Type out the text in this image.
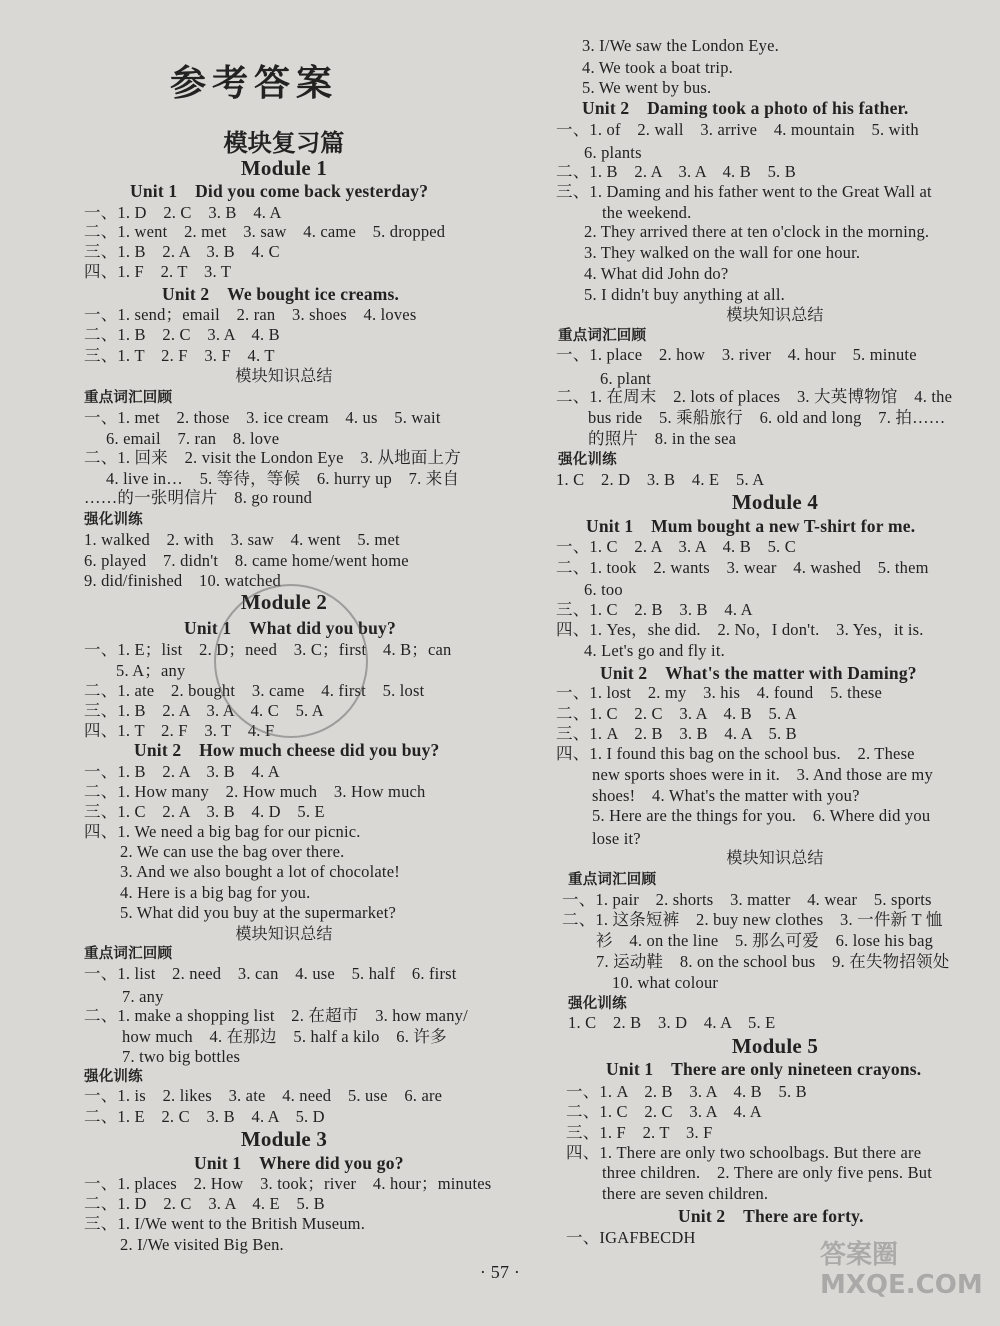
参考答案
模块复习篇
Module 1
Unit 1　Did you come back yesterday?
一、1. D　2. C　3. B　4. A
二、1. went　2. met　3. saw　4. came　5. dropped
三、1. B　2. A　3. B　4. C
四、1. F　2. T　3. T
Unit 2　We bought ice creams.
一、1. send；email　2. ran　3. shoes　4. loves
二、1. B　2. C　3. A　4. B
三、1. T　2. F　3. F　4. T
模块知识总结
重点词汇回顾
一、1. met　2. those　3. ice cream　4. us　5. wait
6. email　7. ran　8. love
二、1. 回来　2. visit the London Eye　3. 从地面上方
4. live in…　5. 等待，等候　6. hurry up　7. 来自
……的一张明信片　8. go round
强化训练
1. walked　2. with　3. saw　4. went　5. met
6. played　7. didn't　8. came home/went home
9. did/finished　10. watched
Module 2
Unit 1　What did you buy?
一、1. E；list　2. D；need　3. C；first　4. B；can
5. A；any
二、1. ate　2. bought　3. came　4. first　5. lost
三、1. B　2. A　3. A　4. C　5. A
四、1. T　2. F　3. T　4. F
Unit 2　How much cheese did you buy?
一、1. B　2. A　3. B　4. A
二、1. How many　2. How much　3. How much
三、1. C　2. A　3. B　4. D　5. E
四、1. We need a big bag for our picnic.
2. We can use the bag over there.
3. And we also bought a lot of chocolate!
4. Here is a big bag for you.
5. What did you buy at the supermarket?
模块知识总结
重点词汇回顾
一、1. list　2. need　3. can　4. use　5. half　6. first
7. any
二、1. make a shopping list　2. 在超市　3. how many/
how much　4. 在那边　5. half a kilo　6. 许多
7. two big bottles
强化训练
一、1. is　2. likes　3. ate　4. need　5. use　6. are
二、1. E　2. C　3. B　4. A　5. D
Module 3
Unit 1　Where did you go?
一、1. places　2. How　3. took；river　4. hour；minutes
二、1. D　2. C　3. A　4. E　5. B
三、1. I/We went to the British Museum.
2. I/We visited Big Ben.
3. I/We saw the London Eye.
4. We took a boat trip.
5. We went by bus.
Unit 2　Daming took a photo of his father.
一、1. of　2. wall　3. arrive　4. mountain　5. with
6. plants
二、1. B　2. A　3. A　4. B　5. B
三、1. Daming and his father went to the Great Wall at
the weekend.
2. They arrived there at ten o'clock in the morning.
3. They walked on the wall for one hour.
4. What did John do?
5. I didn't buy anything at all.
模块知识总结
重点词汇回顾
一、1. place　2. how　3. river　4. hour　5. minute
6. plant
二、1. 在周末　2. lots of places　3. 大英博物馆　4. the
bus ride　5. 乘船旅行　6. old and long　7. 拍……
的照片　8. in the sea
强化训练
1. C　2. D　3. B　4. E　5. A
Module 4
Unit 1　Mum bought a new T-shirt for me.
一、1. C　2. A　3. A　4. B　5. C
二、1. took　2. wants　3. wear　4. washed　5. them
6. too
三、1. C　2. B　3. B　4. A
四、1. Yes，she did.　2. No，I don't.　3. Yes，it is.
4. Let's go and fly it.
Unit 2　What's the matter with Daming?
一、1. lost　2. my　3. his　4. found　5. these
二、1. C　2. C　3. A　4. B　5. A
三、1. A　2. B　3. B　4. A　5. B
四、1. I found this bag on the school bus.　2. These
new sports shoes were in it.　3. And those are my
shoes!　4. What's the matter with you?
5. Here are the things for you.　6. Where did you
lose it?
模块知识总结
重点词汇回顾
一、1. pair　2. shorts　3. matter　4. wear　5. sports
二、1. 这条短裤　2. buy new clothes　3. 一件新 T 恤
衫　4. on the line　5. 那么可爱　6. lose his bag
7. 运动鞋　8. on the school bus　9. 在失物招领处
10. what colour
强化训练
1. C　2. B　3. D　4. A　5. E
Module 5
Unit 1　There are only nineteen crayons.
一、1. A　2. B　3. A　4. B　5. B
二、1. C　2. C　3. A　4. A
三、1. F　2. T　3. F
四、1. There are only two schoolbags. But there are
three children.　2. There are only five pens. But
there are seven children.
Unit 2　There are forty.
一、IGAFBECDH
· 57 ·
答案圈 MXQE.COM
